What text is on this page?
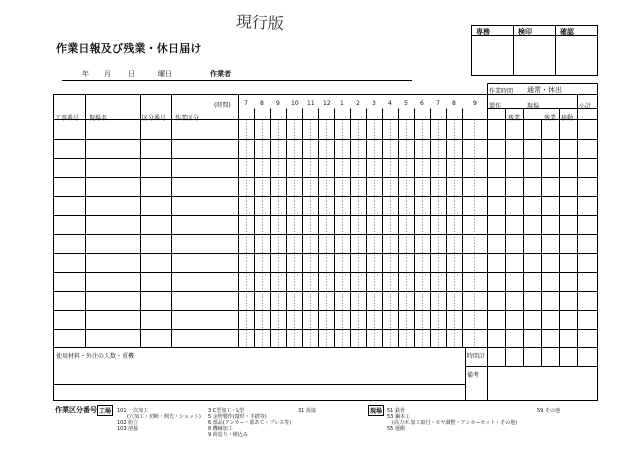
現行版
作業日報及び残業・休日届け
年 月 日	曜日	作業者
専務	検印	確認
工事番号 現場名	区分番号 作業区分
(時間)
作業時間 通常・休出
製作	現場	小計
残業	残業 移動
7 8 9 10 11 12 1 2 3 4 5 6 7 8	9
使用材料・外注の人数・重機	時間計
備考
作業区分番号 工場	101 一次加工
(穴加工・切断・開先・ショット)
102 組立
103 溶接
3 C型加工・L型
5 金物製作(環形・手摺等)
6 部品(アンカー・部あて・プレス等)
8 機械加工
9 荷造り・積込み
31 設協	現場 51 鉄骨
53 鋼本工
(高力ボ.加工取付・モヤ調整・アンカーセット・その他)
55 運搬
59 その他
